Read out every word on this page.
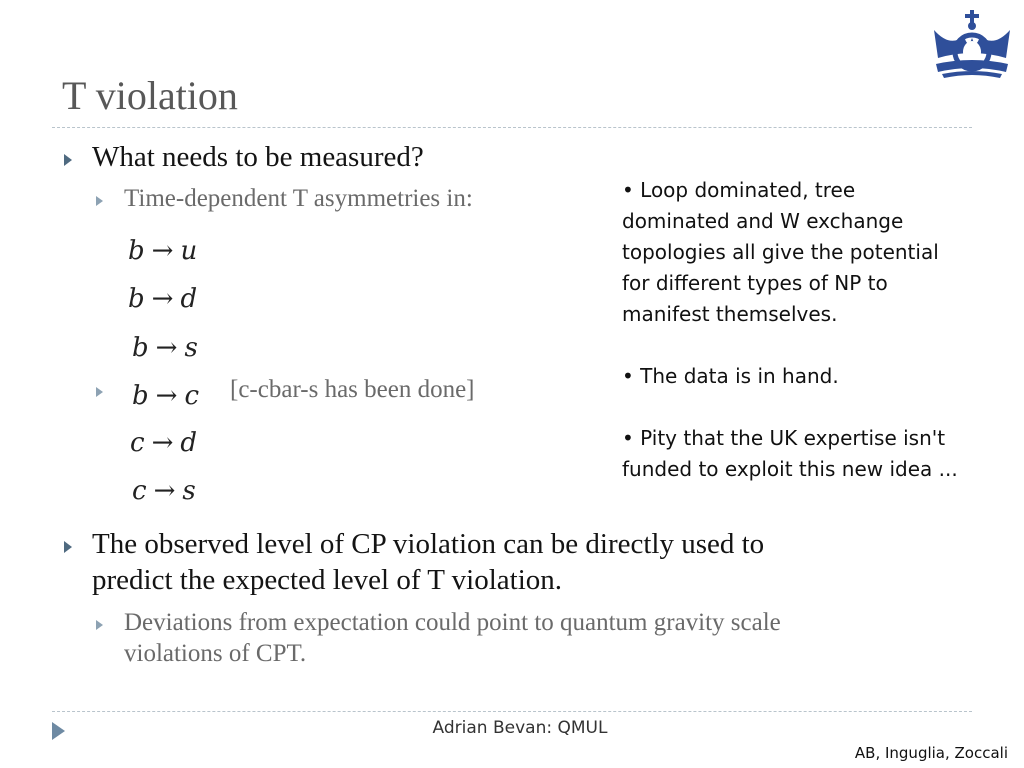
T violation
What needs to be measured?
Time-dependent T asymmetries in:
b → u
b → d
b → s
b → c [c-cbar-s has been done]
c → d
c → s

• Loop dominated, tree dominated and W exchange topologies all give the potential for different types of NP to manifest themselves.

• The data is in hand.

• Pity that the UK expertise isn't funded to exploit this new idea ...

The observed level of CP violation can be directly used to
predict the expected level of T violation.
Deviations from expectation could point to quantum gravity scale
violations of CPT.
Adrian Bevan: QMUL
AB, Inguglia, Zoccali
